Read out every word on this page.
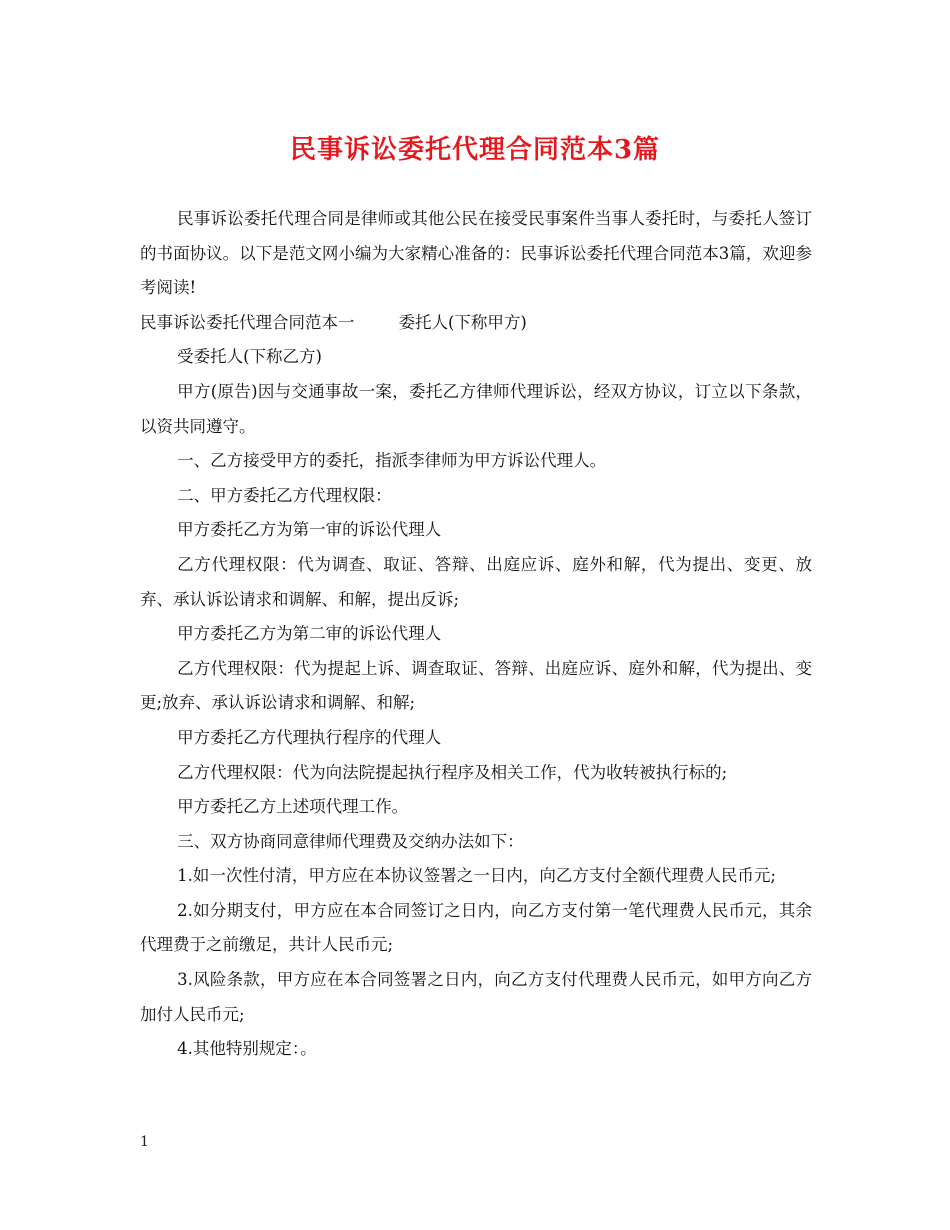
民事诉讼委托代理合同范本3篇

民事诉讼委托代理合同是律师或其他公民在接受民事案件当事人委托时，与委托人签订的书面协议。以下是范文网小编为大家精心准备的：民事诉讼委托代理合同范本3篇，欢迎参考阅读!

民事诉讼委托代理合同范本一	委托人(下称甲方)

受委托人(下称乙方)

甲方(原告)因与交通事故一案，委托乙方律师代理诉讼，经双方协议，订立以下条款，以资共同遵守。

一、乙方接受甲方的委托，指派李律师为甲方诉讼代理人。

二、甲方委托乙方代理权限：

甲方委托乙方为第一审的诉讼代理人

乙方代理权限：代为调查、取证、答辩、出庭应诉、庭外和解，代为提出、变更、放弃、承认诉讼请求和调解、和解，提出反诉;

甲方委托乙方为第二审的诉讼代理人

乙方代理权限：代为提起上诉、调查取证、答辩、出庭应诉、庭外和解，代为提出、变更;放弃、承认诉讼请求和调解、和解;

甲方委托乙方代理执行程序的代理人

乙方代理权限：代为向法院提起执行程序及相关工作，代为收转被执行标的;

甲方委托乙方上述项代理工作。

三、双方协商同意律师代理费及交纳办法如下：

1.如一次性付清，甲方应在本协议签署之一日内，向乙方支付全额代理费人民币元;

2.如分期支付，甲方应在本合同签订之日内，向乙方支付第一笔代理费人民币元，其余代理费于之前缴足，共计人民币元;

3.风险条款，甲方应在本合同签署之日内，向乙方支付代理费人民币元，如甲方向乙方加付人民币元;

4.其他特别规定：。

1
